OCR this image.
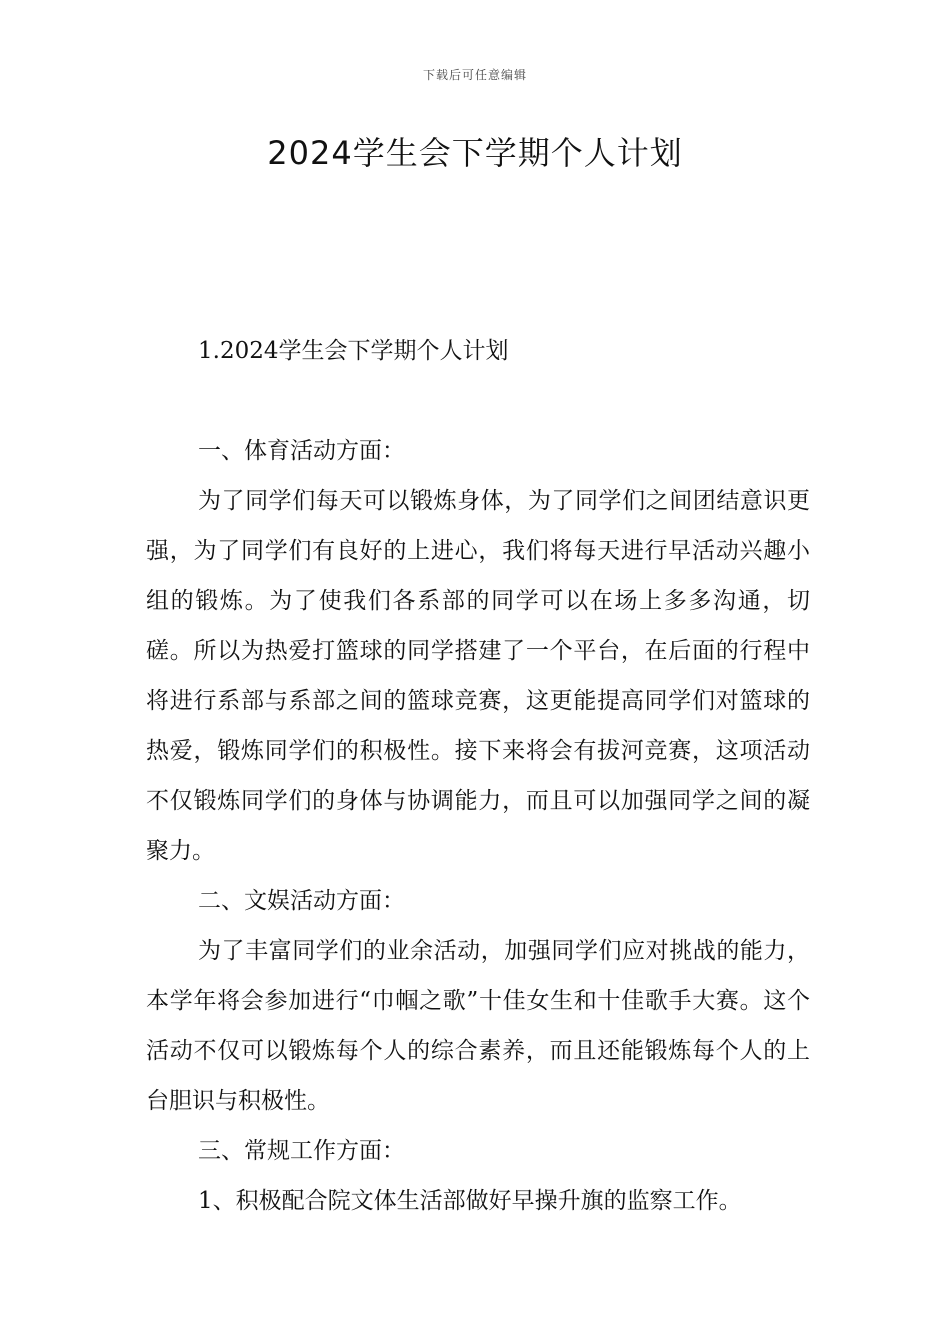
下载后可任意编辑
2024学生会下学期个人计划

1.2024学生会下学期个人计划

一、体育活动方面：

为了同学们每天可以锻炼身体，为了同学们之间团结意识更强，为了同学们有良好的上进心，我们将每天进行早活动兴趣小组的锻炼。为了使我们各系部的同学可以在场上多多沟通，切磋。所以为热爱打篮球的同学搭建了一个平台，在后面的行程中将进行系部与系部之间的篮球竞赛，这更能提高同学们对篮球的热爱，锻炼同学们的积极性。接下来将会有拔河竞赛，这项活动不仅锻炼同学们的身体与协调能力，而且可以加强同学之间的凝聚力。

二、文娱活动方面：

为了丰富同学们的业余活动，加强同学们应对挑战的能力，本学年将会参加进行“巾帼之歌”十佳女生和十佳歌手大赛。这个活动不仅可以锻炼每个人的综合素养，而且还能锻炼每个人的上台胆识与积极性。

三、常规工作方面：

1、积极配合院文体生活部做好早操升旗的监察工作。
